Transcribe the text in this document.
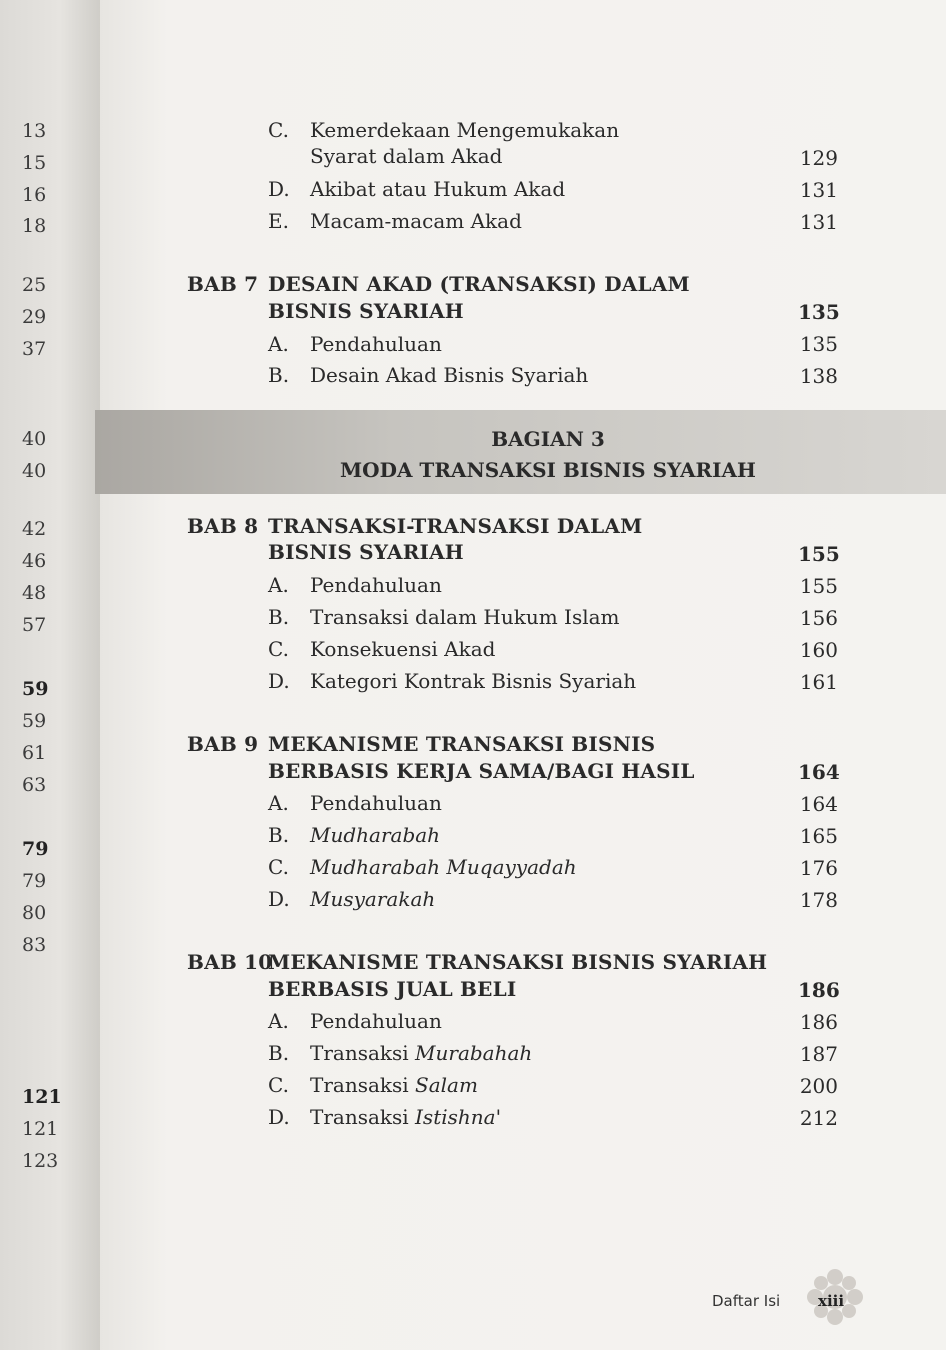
13
15
16
18
25
29
37
40
40
42
46
48
57
59
59
61
63
79
79
80
83
121
121
123
C. Kemerdekaan Mengemukakan
Syarat dalam Akad	129
D. Akibat atau Hukum Akad	131
E. Macam-macam Akad	131
BAB 7 DESAIN AKAD (TRANSAKSI) DALAM
BISNIS SYARIAH	135
A. Pendahuluan	135
B. Desain Akad Bisnis Syariah	138
BAGIAN 3
MODA TRANSAKSI BISNIS SYARIAH
BAB 8 TRANSAKSI-TRANSAKSI DALAM
BISNIS SYARIAH	155
A. Pendahuluan	155
B. Transaksi dalam Hukum Islam	156
C. Konsekuensi Akad	160
D. Kategori Kontrak Bisnis Syariah	161
BAB 9 MEKANISME TRANSAKSI BISNIS
BERBASIS KERJA SAMA/BAGI HASIL	164
A. Pendahuluan	164
B. Mudharabah	165
C. Mudharabah Muqayyadah	176
D. Musyarakah	178
BAB 10
MEKANISME TRANSAKSI BISNIS SYARIAH
BERBASIS JUAL BELI	186
A. Pendahuluan	186
B. Transaksi Murabahah	187
C. Transaksi Salam	200
D. Transaksi Istishna'	212
Daftar Isi	xiii
